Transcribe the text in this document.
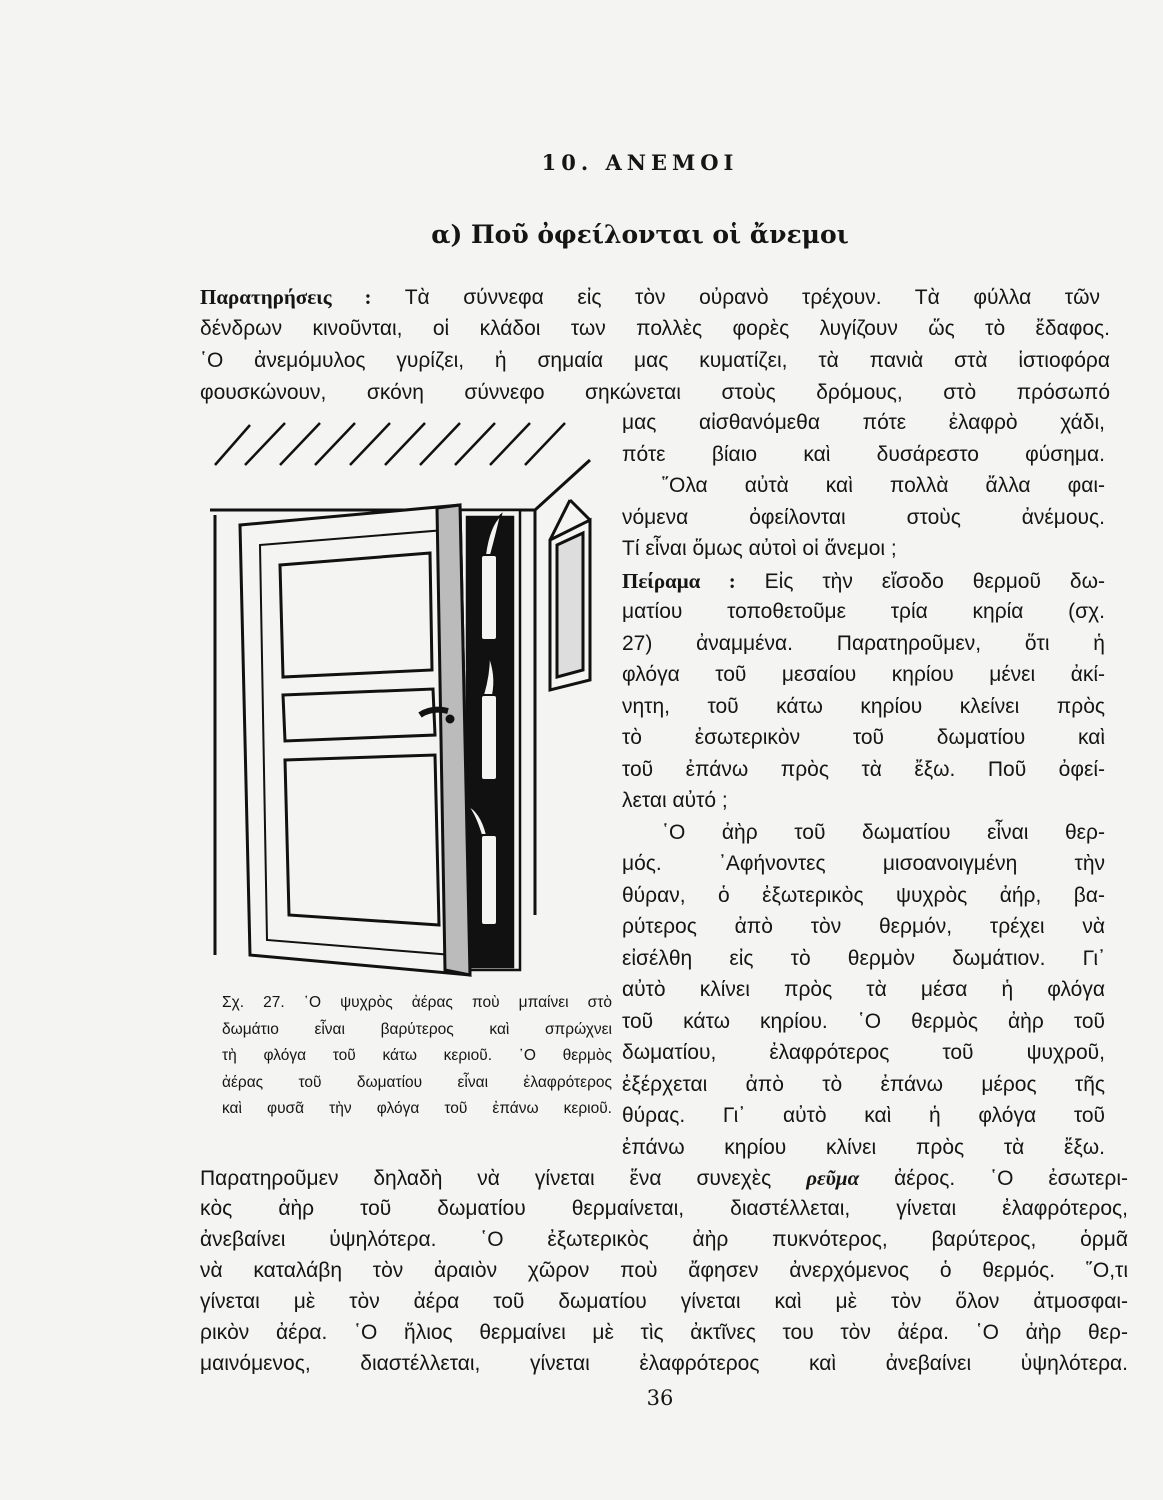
10. ΑΝΕΜΟΙ
α) Ποῦ ὀφείλονται οἱ ἄνεμοι
Παρατηρήσεις : Τὰ σύννεφα εἰς τὸν οὐρανὸ τρέχουν. Τὰ φύλλα τῶν
δένδρων κινοῦνται, οἱ κλάδοι των πολλὲς φορὲς λυγίζουν ὥς τὸ ἔδαφος.
῾Ο ἀνεμόμυλος γυρίζει, ἡ σημαία μας κυματίζει, τὰ πανιὰ στὰ ἱστιοφόρα
φουσκώνουν, σκόνη σύννεφο σηκώνεται στοὺς δρόμους, στὸ πρόσωπό
μας αἰσθανόμεθα πότε ἐλαφρὸ χάδι,
πότε βίαιο καὶ δυσάρεστο φύσημα.
῞Ολα αὐτὰ καὶ πολλὰ ἄλλα φαι-
νόμενα ὀφείλονται στοὺς ἀνέμους.
Τί εἶναι ὅμως αὐτοὶ οἱ ἄνεμοι ;
Πείραμα : Εἰς τὴν εἴσοδο θερμοῦ δω-
ματίου τοποθετοῦμε τρία κηρία (σχ.
27) ἀναμμένα. Παρατηροῦμεν, ὅτι ἡ
φλόγα τοῦ μεσαίου κηρίου μένει ἀκί-
νητη, τοῦ κάτω κηρίου κλείνει πρὸς
τὸ ἐσωτερικὸν τοῦ δωματίου καὶ
τοῦ ἐπάνω πρὸς τὰ ἔξω. Ποῦ ὀφεί-
λεται αὐτό ;
῾Ο ἀὴρ τοῦ δωματίου εἶναι θερ-
μός. ᾿Αφήνοντες μισοανοιγμένη τὴν
θύραν, ὁ ἐξωτερικὸς ψυχρὸς ἀήρ, βα-
ρύτερος ἀπὸ τὸν θερμόν, τρέχει νὰ
εἰσέλθη εἰς τὸ θερμὸν δωμάτιον. Γι᾿
αὐτὸ κλίνει πρὸς τὰ μέσα ἡ φλόγα
τοῦ κάτω κηρίου. ῾Ο θερμὸς ἀὴρ τοῦ
δωματίου, ἐλαφρότερος τοῦ ψυχροῦ,
ἐξέρχεται ἀπὸ τὸ ἐπάνω μέρος τῆς
θύρας. Γι᾿ αὐτὸ καὶ ἡ φλόγα τοῦ
ἐπάνω κηρίου κλίνει πρὸς τὰ ἔξω.
Σχ. 27. ῾Ο ψυχρὸς ἀέρας ποὺ μπαίνει στὸ
δωμάτιο εἶναι βαρύτερος καὶ σπρώχνει
τὴ φλόγα τοῦ κάτω κεριοῦ. ῾Ο θερμὸς
ἀέρας τοῦ δωματίου εἶναι ἐλαφρότερος
καὶ φυσᾶ τὴν φλόγα τοῦ ἐπάνω κεριοῦ.
Παρατηροῦμεν δηλαδὴ νὰ γίνεται ἕνα συνεχὲς ρεῦμα ἀέρος. ῾Ο ἐσωτερι-
κὸς ἀὴρ τοῦ δωματίου θερμαίνεται, διαστέλλεται, γίνεται ἐλαφρότερος,
ἀνεβαίνει ὑψηλότερα. ῾Ο ἐξωτερικὸς ἀὴρ πυκνότερος, βαρύτερος, ὁρμᾶ
νὰ καταλάβη τὸν ἀραιὸν χῶρον ποὺ ἄφησεν ἀνερχόμενος ὁ θερμός. ῞Ο,τι
γίνεται μὲ τὸν ἀέρα τοῦ δωματίου γίνεται καὶ μὲ τὸν ὅλον ἀτμοσφαι-
ρικὸν ἀέρα. ῾Ο ἥλιος θερμαίνει μὲ τὶς ἀκτῖνες του τὸν ἀέρα. ῾Ο ἀὴρ θερ-
μαινόμενος, διαστέλλεται, γίνεται ἐλαφρότερος καὶ ἀνεβαίνει ὑψηλότερα.
36
